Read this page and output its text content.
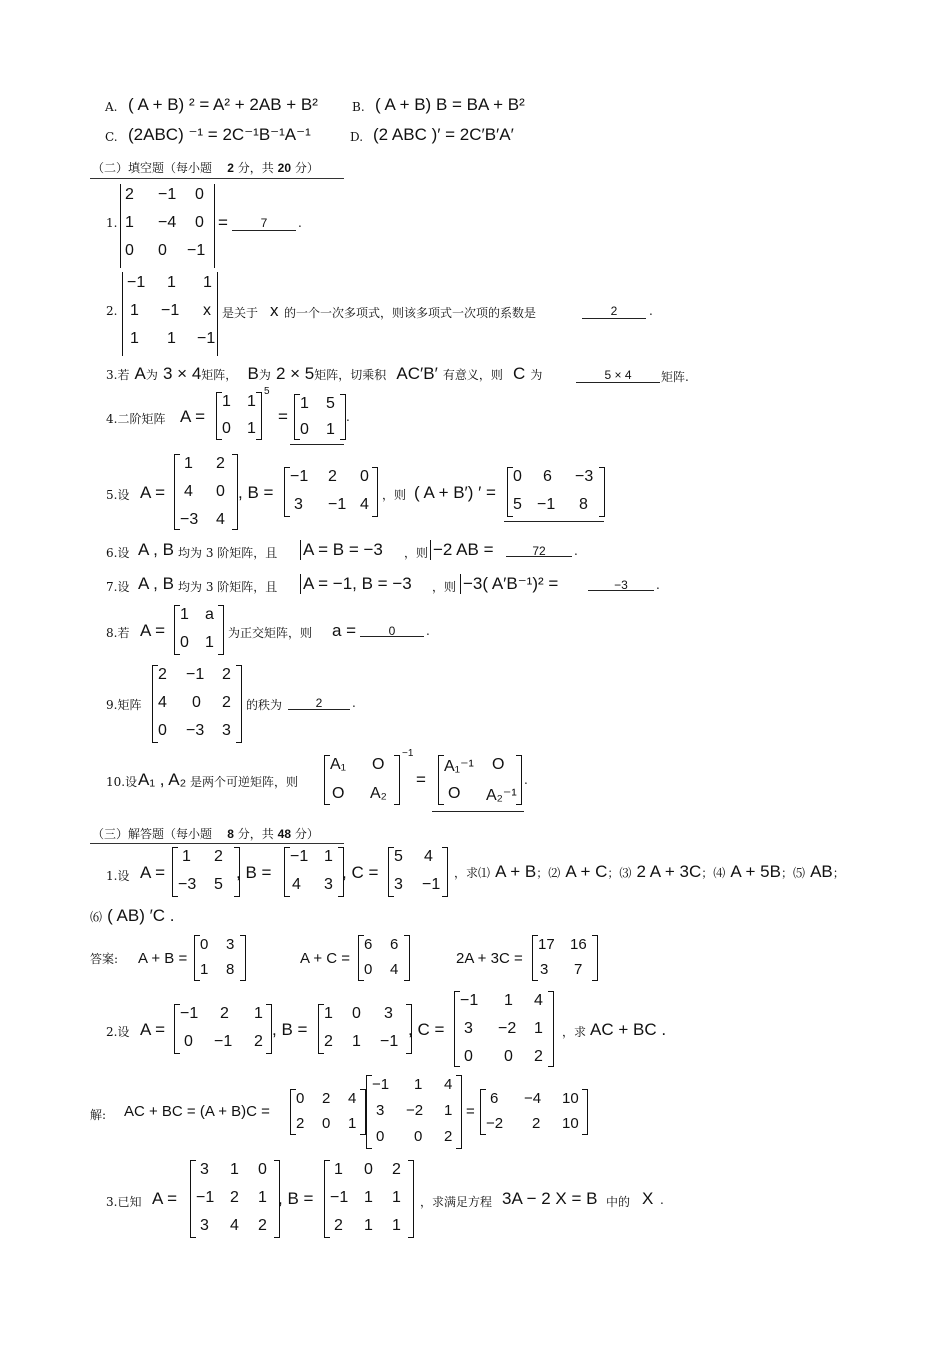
A. ( A + B) ² = A² + 2AB + B²	B. ( A + B) B = BA + B²
C. (2ABC) ⁻¹ = 2C⁻¹B⁻¹A⁻¹	D. (2 ABC )′ = 2C′B′A′
（二）填空题（每小题 2 分，共 20 分）
1.
2 −1 0
1 −4 0
0 0 −1
=	7	.
2.
−1 1 1
1 −1 x
1 1 −1
是关于 x 的一个一次多项式，则该多项式一次项的系数是	2	.
3.若 A为 3 × 4矩阵， B为 2 × 5矩阵，切乘积 AC′B′ 有意义，则 C 为	5 × 4	矩阵.
4.二阶矩阵 A =
1 1
0 1
5
=
1 5
0 1
.
5.设 A =
1 2
4 0
−3 4
, B =
−1 2 0
3 −1 4
，则 ( A + B′) ′ =
0 6 −3
5 −1 8
6.设 A , B 均为 3 阶矩阵，且 A = B = −3 ，则 −2 AB =	72	.
7.设 A , B 均为 3 阶矩阵，且 A = −1, B = −3 ，则 −3( A′B⁻¹)² =	−3	.
8.若 A =
1 a
0 1
为正交矩阵，则 a =	0	.
9.矩阵
2 −1 2
4 0 2
0 −3 3
的秩为	2	.
10.设 A₁ , A₂ 是两个可逆矩阵，则
A₁ O
O A₂
−1
=
A₁⁻¹ O
O A₂⁻¹
.
（三）解答题（每小题 8 分，共 48 分）
1.设 A =
1 2
−3 5
, B =
−1 1
4 3
, C =
5 4
3 −1
，求⑴ A + B；⑵ A + C；⑶ 2 A + 3C；⑷ A + 5B；⑸ AB；
⑹ ( AB) ′C .
答案: A + B =
0 3
1 8
A + C =
6 6
0 4
2A + 3C =
17 16
3 7
2.设 A =
−1 2 1
0 −1 2
, B =
1 0 3
2 1 −1
, C =
−1 1 4
3 −2 1
0 0 2
，求 AC + BC .
解: AC + BC = (A + B)C =
0 2 4
2 0 1
−1 1 4
3 −2 1
0 0 2
=
6 −4 10
−2 2 10
3.已知 A =
3 1 0
−1 2 1
3 4 2
, B =
1 0 2
−1 1 1
2 1 1
，求满足方程 3A − 2 X = B 中的 X .
